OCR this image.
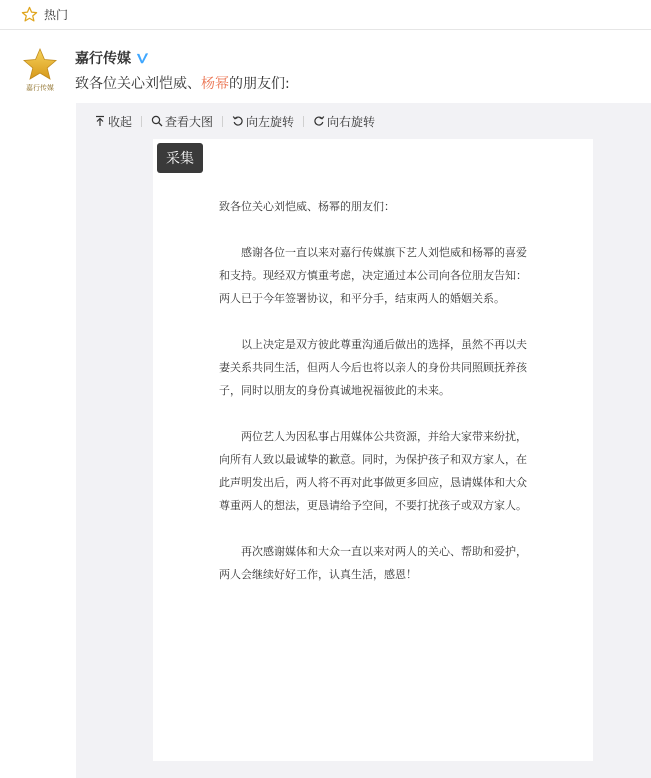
热门
嘉行传媒
嘉行传媒
致各位关心刘恺威、杨幂的朋友们:
收起	查看大图	向左旋转	向右旋转
采集

致各位关心刘恺威、杨幂的朋友们：

感谢各位一直以来对嘉行传媒旗下艺人刘恺威和杨幂的喜爱和支持。现经双方慎重考虑，决定通过本公司向各位朋友告知：两人已于今年签署协议，和平分手，结束两人的婚姻关系。

以上决定是双方彼此尊重沟通后做出的选择，虽然不再以夫妻关系共同生活，但两人今后也将以亲人的身份共同照顾抚养孩子，同时以朋友的身份真诚地祝福彼此的未来。

两位艺人为因私事占用媒体公共资源，并给大家带来纷扰，向所有人致以最诚挚的歉意。同时，为保护孩子和双方家人，在此声明发出后，两人将不再对此事做更多回应，恳请媒体和大众尊重两人的想法，更恳请给予空间，不要打扰孩子或双方家人。

再次感谢媒体和大众一直以来对两人的关心、帮助和爱护，两人会继续好好工作，认真生活，感恩！
